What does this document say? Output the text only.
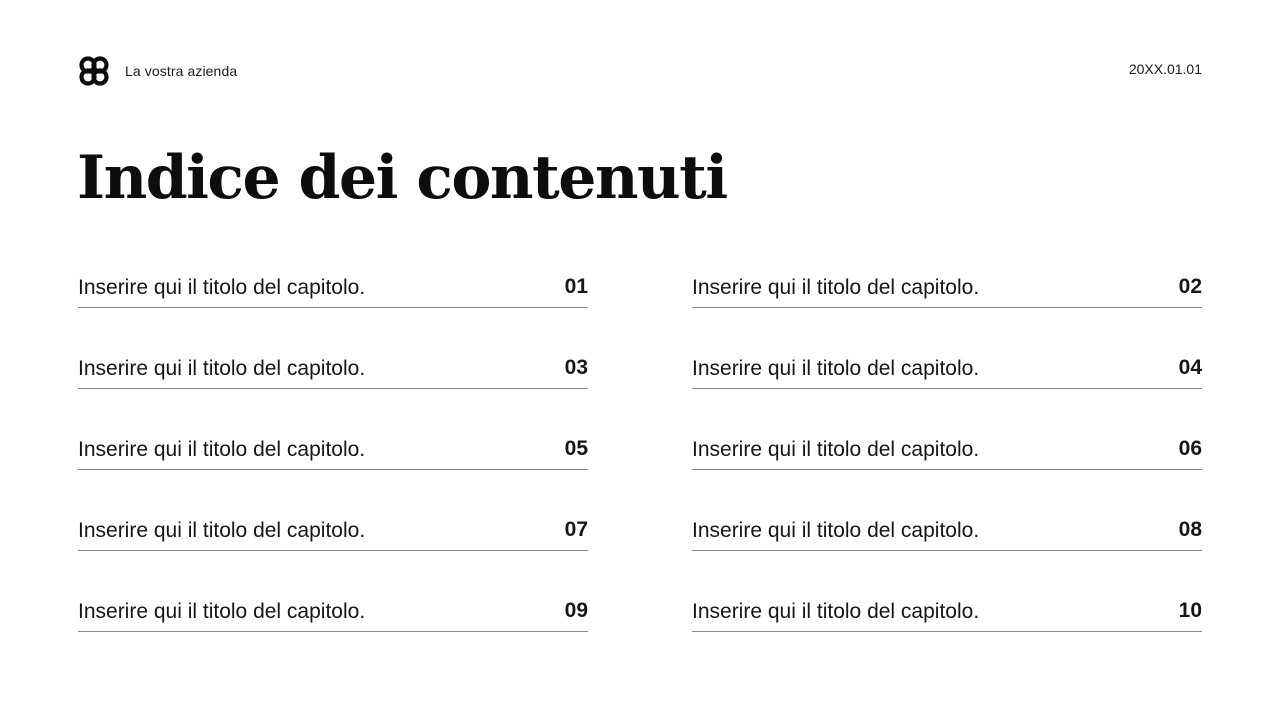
La vostra azienda	20XX.01.01
Indice dei contenuti
Inserire qui il titolo del capitolo.	01	Inserire qui il titolo del capitolo.	02
Inserire qui il titolo del capitolo.	03	Inserire qui il titolo del capitolo.	04
Inserire qui il titolo del capitolo.	05	Inserire qui il titolo del capitolo.	06
Inserire qui il titolo del capitolo.	07	Inserire qui il titolo del capitolo.	08
Inserire qui il titolo del capitolo.	09	Inserire qui il titolo del capitolo.	10
